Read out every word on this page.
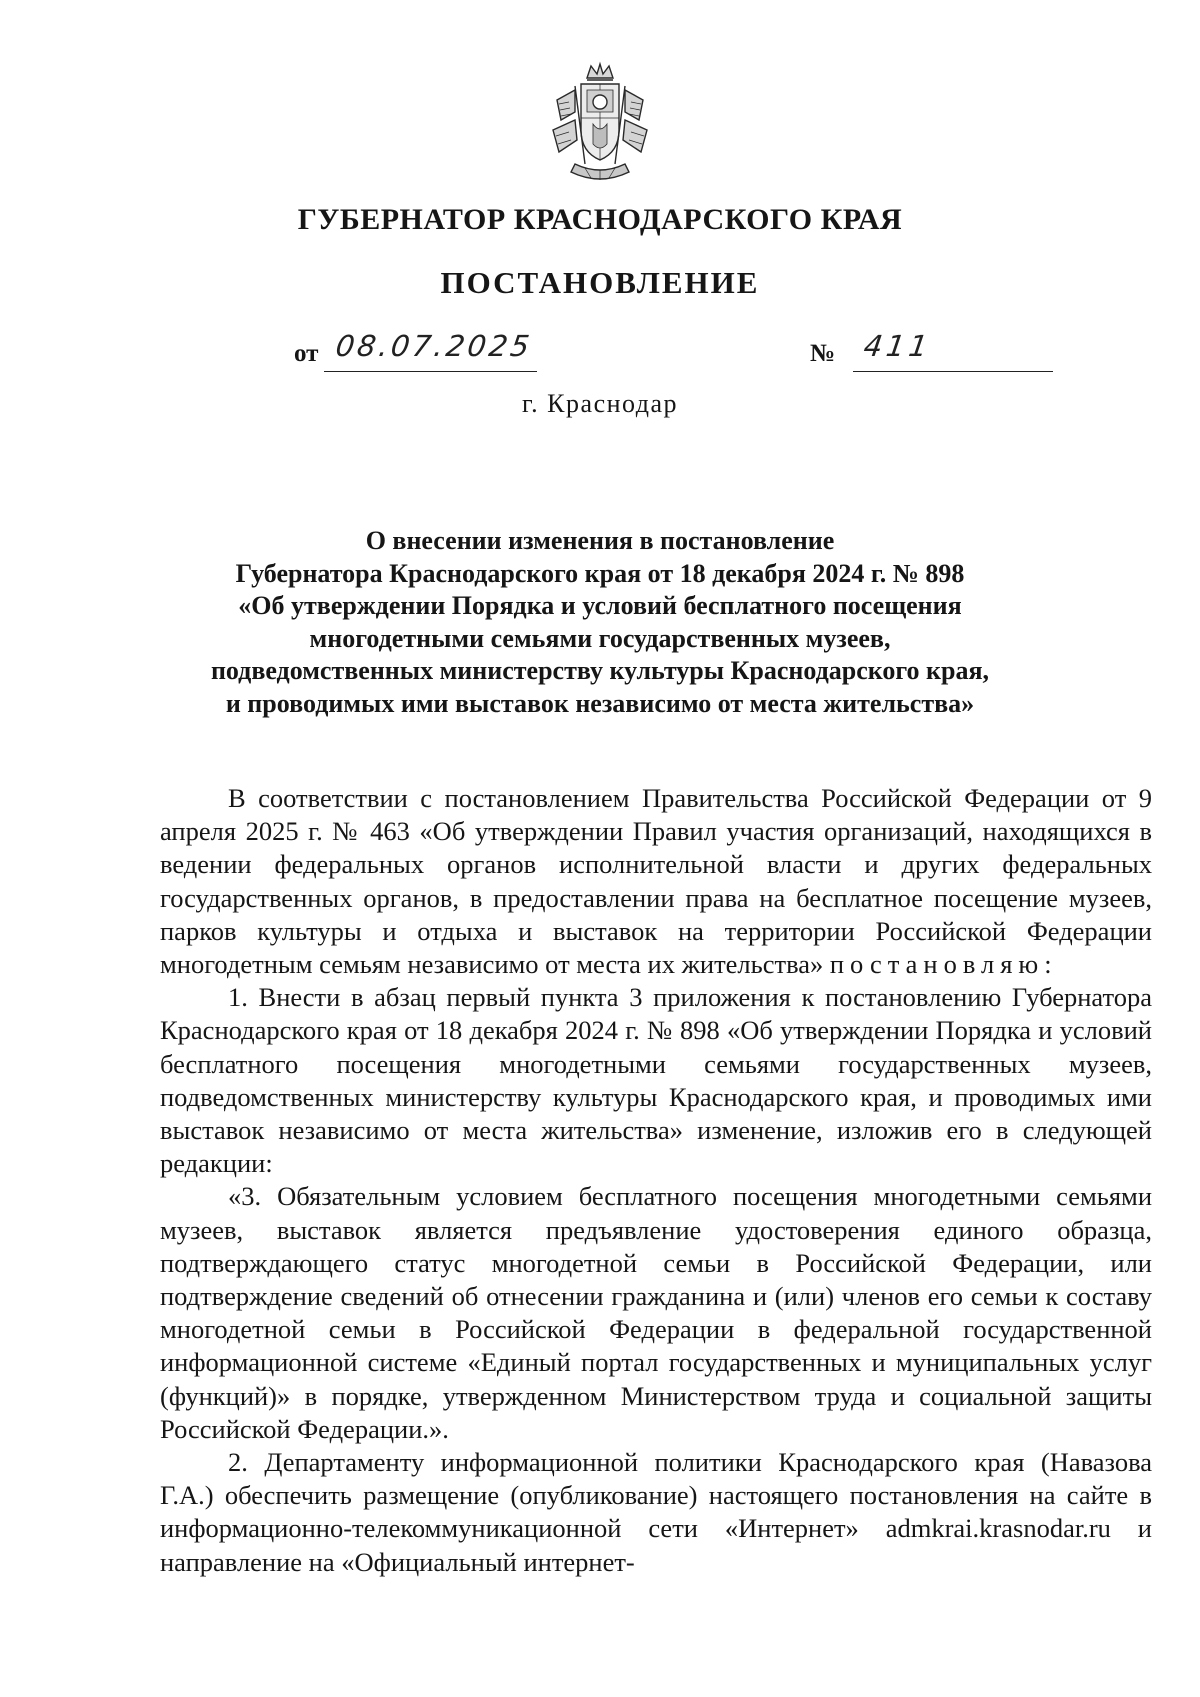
ГУБЕРНАТОР КРАСНОДАРСКОГО КРАЯ
ПОСТАНОВЛЕНИЕ
от 08.07.2025	№ 411
г. Краснодар
О внесении изменения в постановление
Губернатора Краснодарского края от 18 декабря 2024 г. № 898
«Об утверждении Порядка и условий бесплатного посещения
многодетными семьями государственных музеев,
подведомственных министерству культуры Краснодарского края,
и проводимых ими выставок независимо от места жительства»

В соответствии с постановлением Правительства Российской Федерации от 9 апреля 2025 г. № 463 «Об утверждении Правил участия организаций, находящихся в ведении федеральных органов исполнительной власти и других федеральных государственных органов, в предоставлении права на бесплатное посещение музеев, парков культуры и отдыха и выставок на территории Российской Федерации многодетным семьям независимо от места их жительства» постановляю:

1. Внести в абзац первый пункта 3 приложения к постановлению Губернатора Краснодарского края от 18 декабря 2024 г. № 898 «Об утверждении Порядка и условий бесплатного посещения многодетными семьями государственных музеев, подведомственных министерству культуры Краснодарского края, и проводимых ими выставок независимо от места жительства» изменение, изложив его в следующей редакции:

«3. Обязательным условием бесплатного посещения многодетными семьями музеев, выставок является предъявление удостоверения единого образца, подтверждающего статус многодетной семьи в Российской Федерации, или подтверждение сведений об отнесении гражданина и (или) членов его семьи к составу многодетной семьи в Российской Федерации в федеральной государственной информационной системе «Единый портал государственных и муниципальных услуг (функций)» в порядке, утвержденном Министерством труда и социальной защиты Российской Федерации.».

2. Департаменту информационной политики Краснодарского края (Навазова Г.А.) обеспечить размещение (опубликование) настоящего постановления на сайте в информационно-телекоммуникационной сети «Интернет» admkrai.krasnodar.ru и направление на «Официальный интернет-
